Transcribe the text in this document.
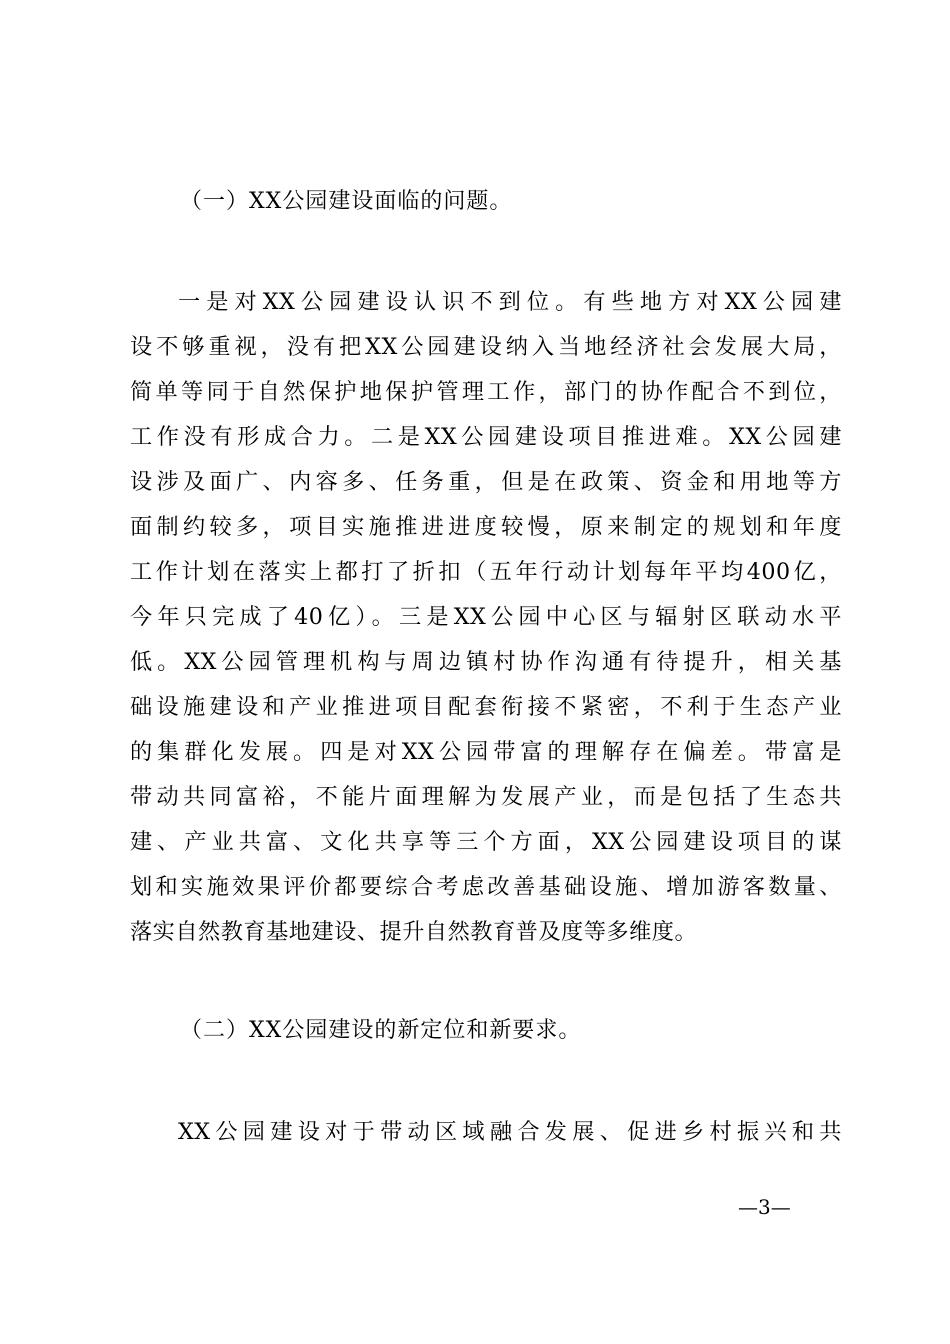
（一）XX公园建设面临的问题。
一是对XX公园建设认识不到位。有些地方对XX公园建
设不够重视，没有把XX公园建设纳入当地经济社会发展大局，
简单等同于自然保护地保护管理工作，部门的协作配合不到位，
工作没有形成合力。二是XX公园建设项目推进难。XX公园建
设涉及面广、内容多、任务重，但是在政策、资金和用地等方
面制约较多，项目实施推进进度较慢，原来制定的规划和年度
工作计划在落实上都打了折扣（五年行动计划每年平均400亿，
今年只完成了40亿）。三是XX公园中心区与辐射区联动水平
低。XX公园管理机构与周边镇村协作沟通有待提升，相关基
础设施建设和产业推进项目配套衔接不紧密，不利于生态产业
的集群化发展。四是对XX公园带富的理解存在偏差。带富是
带动共同富裕，不能片面理解为发展产业，而是包括了生态共
建、产业共富、文化共享等三个方面，XX公园建设项目的谋
划和实施效果评价都要综合考虑改善基础设施、增加游客数量、
落实自然教育基地建设、提升自然教育普及度等多维度。
（二）XX公园建设的新定位和新要求。
XX公园建设对于带动区域融合发展、促进乡村振兴和共
—3—
